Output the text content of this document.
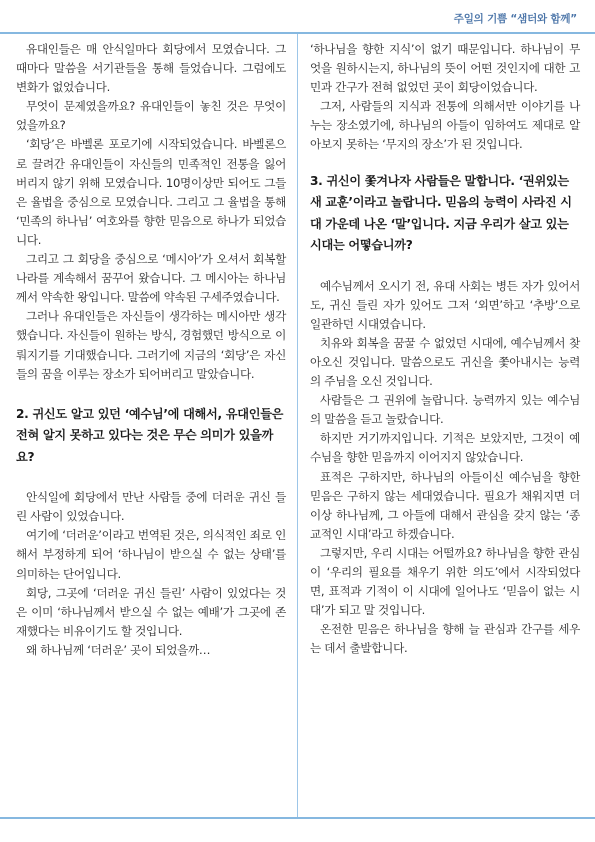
주일의 기쁨 “샘터와 함께”

유대인들은 매 안식일마다 회당에서 모였습니다. 그때마다 말씀을 서기관들을 통해 들었습니다. 그럼에도 변화가 없었습니다.

무엇이 문제였을까요? 유대인들이 놓친 것은 무엇이었을까요?

‘회당’은 바벨론 포로기에 시작되었습니다. 바벨론으로 끌려간 유대인들이 자신들의 민족적인 전통을 잃어버리지 않기 위해 모였습니다. 10명이상만 되어도 그들은 율법을 중심으로 모였습니다. 그리고 그 율법을 통해 ‘민족의 하나님’ 여호와를 향한 믿음으로 하나가 되었습니다.

그리고 그 회당을 중심으로 ‘메시아’가 오셔서 회복할 나라를 계속해서 꿈꾸어 왔습니다. 그 메시아는 하나님께서 약속한 왕입니다. 말씀에 약속된 구세주였습니다.

그러나 유대인들은 자신들이 생각하는 메시아만 생각했습니다. 자신들이 원하는 방식, 경험했던 방식으로 이뤄지기를 기대했습니다. 그러기에 지금의 ‘회당’은 자신들의 꿈을 이루는 장소가 되어버리고 말았습니다.

2. 귀신도 알고 있던 ‘예수님’에 대해서, 유대인들은 전혀 알지 못하고 있다는 것은 무슨 의미가 있을까요?

안식일에 회당에서 만난 사람들 중에 더러운 귀신 들린 사람이 있었습니다.

여기에 ‘더러운’이라고 번역된 것은, 의식적인 죄로 인해서 부정하게 되어 ‘하나님이 받으실 수 없는 상태’를 의미하는 단어입니다.

회당, 그곳에 ‘더러운 귀신 들린’ 사람이 있었다는 것은 이미 ‘하나님께서 받으실 수 없는 예배’가 그곳에 존재했다는 비유이기도 할 것입니다.

왜 하나님께 ‘더러운’ 곳이 되었을까…

‘하나님을 향한 지식’이 없기 때문입니다. 하나님이 무엇을 원하시는지, 하나님의 뜻이 어떤 것인지에 대한 고민과 간구가 전혀 없었던 곳이 회당이었습니다.

그저, 사람들의 지식과 전통에 의해서만 이야기를 나누는 장소였기에, 하나님의 아들이 임하여도 제대로 알아보지 못하는 ‘무지의 장소’가 된 것입니다.

3. 귀신이 쫓겨나자 사람들은 말합니다. ‘권위있는 새 교훈’이라고 놀랍니다. 믿음의 능력이 사라진 시대 가운데 나온 ‘말’입니다. 지금 우리가 살고 있는 시대는 어떻습니까?

예수님께서 오시기 전, 유대 사회는 병든 자가 있어서도, 귀신 들린 자가 있어도 그저 ‘외면’하고 ‘추방’으로 일관하던 시대였습니다.

치유와 회복을 꿈꿀 수 없었던 시대에, 예수님께서 찾아오신 것입니다. 말씀으로도 귀신을 쫓아내시는 능력의 주님을 오신 것입니다.

사람들은 그 권위에 놀랍니다. 능력까지 있는 예수님의 말씀을 듣고 놀랐습니다.

하지만 거기까지입니다. 기적은 보았지만, 그것이 예수님을 향한 믿음까지 이어지지 않았습니다.

표적은 구하지만, 하나님의 아들이신 예수님을 향한 믿음은 구하지 않는 세대였습니다. 필요가 채워지면 더이상 하나님께, 그 아들에 대해서 관심을 갖지 않는 ‘종교적인 시대’라고 하겠습니다.

그렇지만, 우리 시대는 어떨까요? 하나님을 향한 관심이 ‘우리의 필요를 채우기 위한 의도’에서 시작되었다면, 표적과 기적이 이 시대에 일어나도 ‘믿음이 없는 시대’가 되고 말 것입니다.

온전한 믿음은 하나님을 향해 늘 관심과 간구를 세우는 데서 출발합니다.
